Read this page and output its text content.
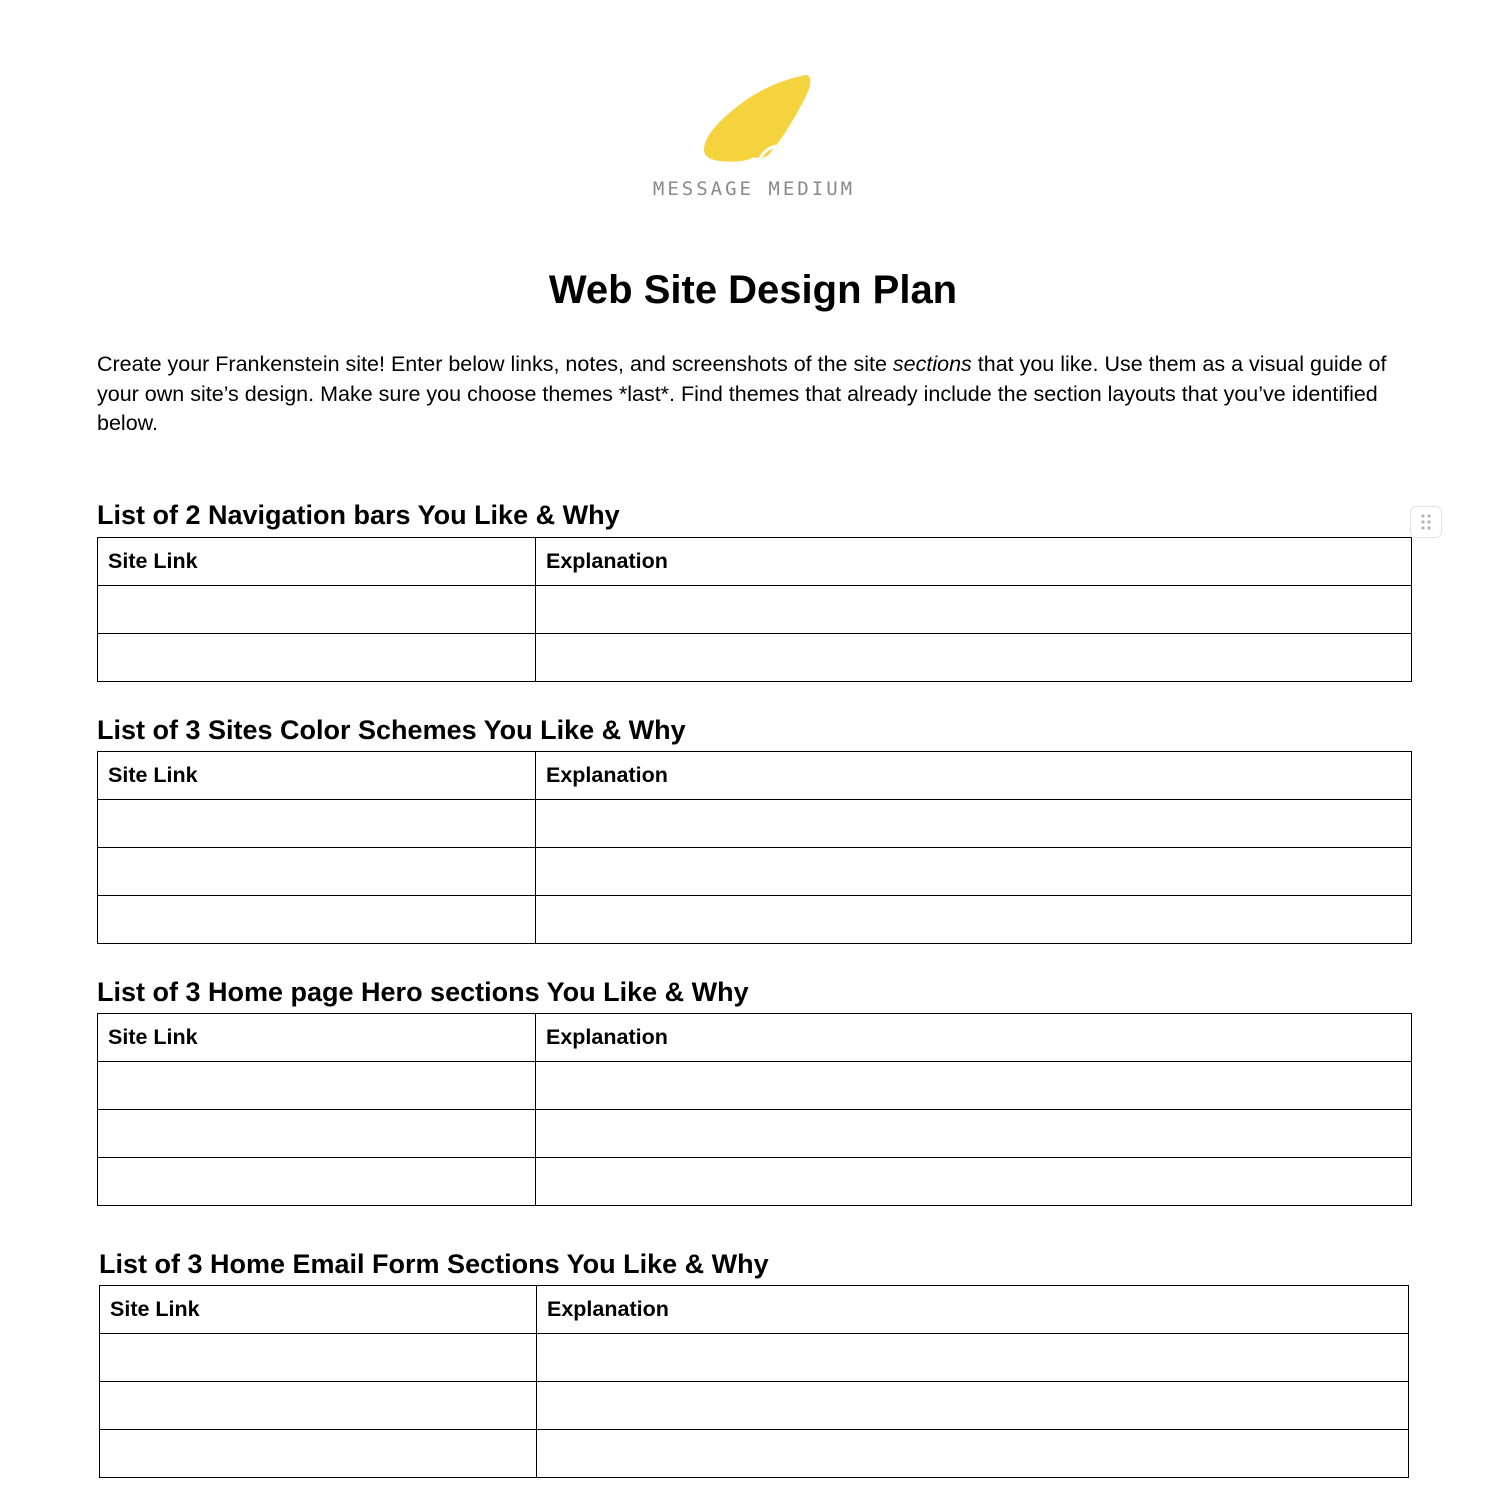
MESSAGE MEDIUM
Web Site Design Plan

Create your Frankenstein site! Enter below links, notes, and screenshots of the site sections that you like. Use them as a visual guide of your own site’s design. Make sure you choose themes *last*. Find themes that already include the section layouts that you’ve identified below.

List of 2 Navigation bars You Like & Why
Site Link	Explanation

List of 3 Sites Color Schemes You Like & Why
Site Link	Explanation

List of 3 Home page Hero sections You Like & Why
Site Link	Explanation

List of 3 Home Email Form Sections You Like & Why
Site Link	Explanation
